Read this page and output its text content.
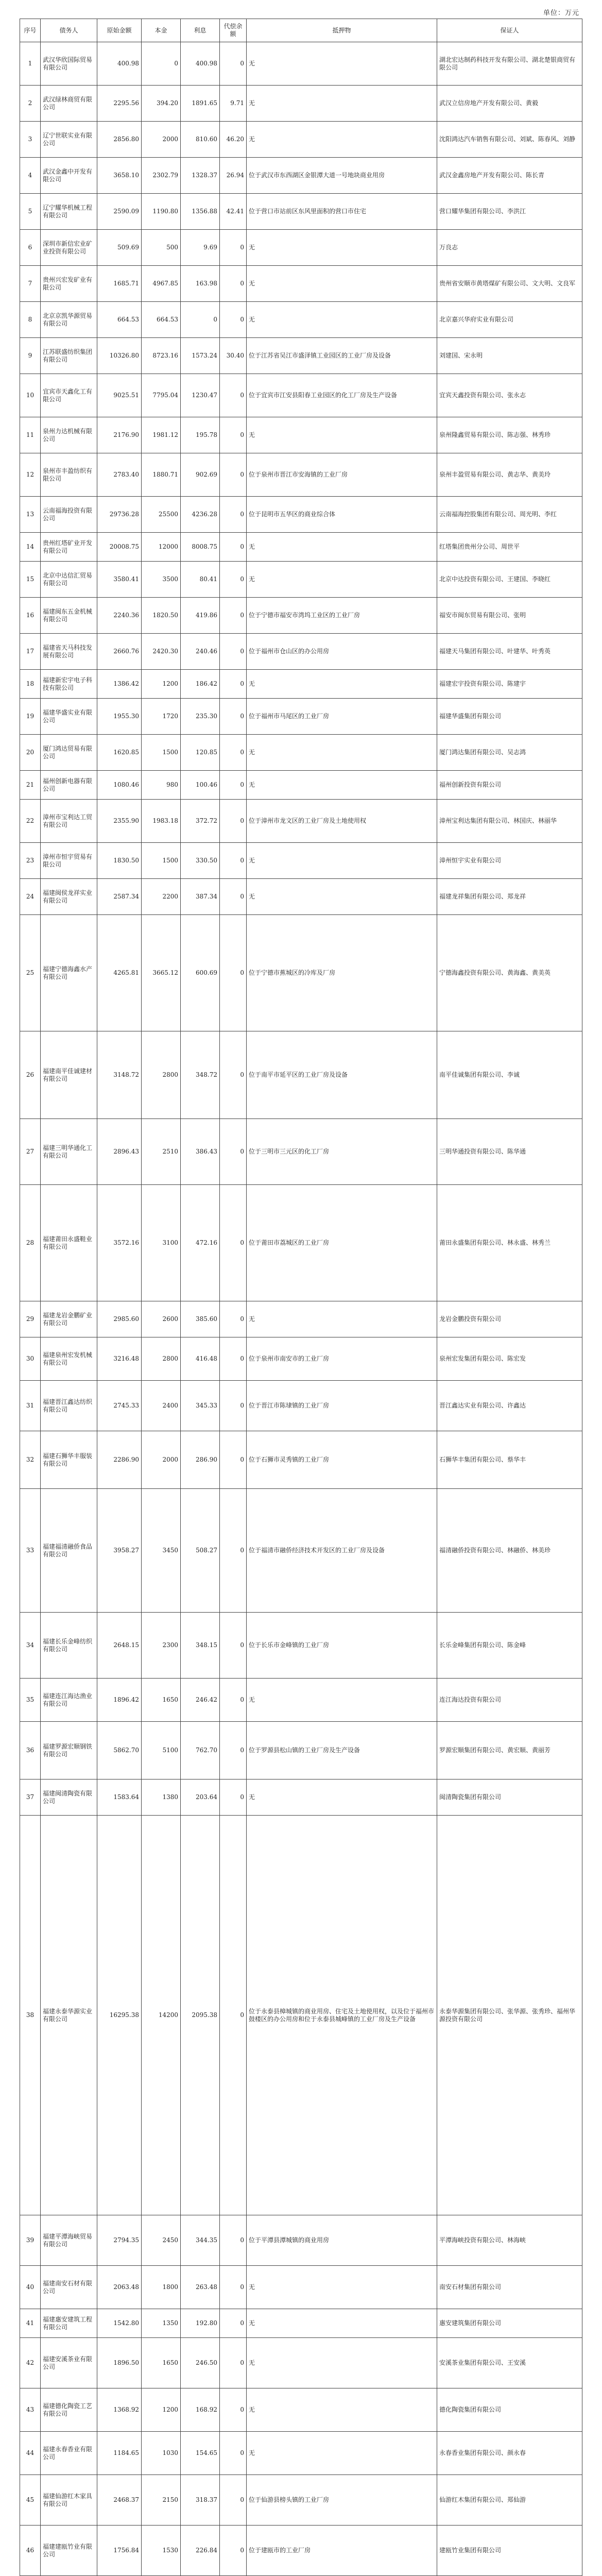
单位：万元
序号	债务人	原始金额	本金	利息	代偿余额	抵押物	保证人
1	武汉华欣国际贸易有限公司	400.98	0	400.98	0	无	湖北宏达制药科技开发有限公司、湖北楚银商贸有限公司
2	武汉绿林商贸有限公司	2295.56	394.20	1891.65	9.71	无	武汉立信房地产开发有限公司、黄毅
3	辽宁世联实业有限公司	2856.80	2000	810.60	46.20	无	沈阳鸿达汽车销售有限公司、刘斌、陈春风、刘静
4	武汉金鑫中开发有限公司	3658.10	2302.79	1328.37	26.94	位于武汉市东西湖区金银潭大道一号地块商业用房	武汉金鑫房地产开发有限公司、陈长青
5	辽宁耀华机械工程有限公司	2590.09	1190.80	1356.88	42.41	位于营口市站前区东风里面积的营口市住宅	营口耀华集团有限公司、李洪江
6	深圳市新信宏业矿业投资有限公司	509.69	500	9.69	0	无	万良志
7	贵州兴宏发矿业有限公司	1685.71	4967.85	163.98	0	无	贵州省安顺市黄塔煤矿有限公司、文大明、文良军
8	北京京凯华源贸易有限公司	664.53	664.53	0	0	无	北京嘉兴华府实业有限公司
9	江苏联盛纺织集团有限公司	10326.80	8723.16	1573.24	30.40	位于江苏省吴江市盛泽镇工业园区的工业厂房及设备	刘建国、宋永明
10	宜宾市天鑫化工有限公司	9025.51	7795.04	1230.47	0	位于宜宾市江安县阳春工业园区的化工厂房及生产设备	宜宾天鑫投资有限公司、张永志
11	泉州力达机械有限公司	2176.90	1981.12	195.78	0	无	泉州隆鑫贸易有限公司、陈志强、林秀珍
12	泉州市丰盈纺织有限公司	2783.40	1880.71	902.69	0	位于泉州市晋江市安海镇的工业厂房	泉州丰盈贸易有限公司、黄志华、黄美玲
13	云南福海投资有限公司	29736.28	25500	4236.28	0	位于昆明市五华区的商业综合体	云南福海控股集团有限公司、周光明、李红
14	贵州红塔矿业开发有限公司	20008.75	12000	8008.75	0	无	红塔集团贵州分公司、周世平
15	北京中达信汇贸易有限公司	3580.41	3500	80.41	0	无	北京中达投资有限公司、王建国、李晓红
16	福建闽东五金机械有限公司	2240.36	1820.50	419.86	0	位于宁德市福安市湾坞工业区的工业厂房	福安市闽东贸易有限公司、张明
17	福建省天马科技发展有限公司	2660.76	2420.30	240.46	0	位于福州市仓山区的办公用房	福建天马集团有限公司、叶建华、叶秀英
18	福建新宏宇电子科技有限公司	1386.42	1200	186.42	0	无	福建宏宇投资有限公司、陈建宇
19	福建华盛实业有限公司	1955.30	1720	235.30	0	位于福州市马尾区的工业厂房	福建华盛集团有限公司
20	厦门鸿达贸易有限公司	1620.85	1500	120.85	0	无	厦门鸿达集团有限公司、吴志鸿
21	福州创新电器有限公司	1080.46	980	100.46	0	无	福州创新投资有限公司
22	漳州市宝利达工贸有限公司	2355.90	1983.18	372.72	0	位于漳州市龙文区的工业厂房及土地使用权	漳州宝利达集团有限公司、林国庆、林丽华
23	漳州市恒宇贸易有限公司	1830.50	1500	330.50	0	无	漳州恒宇实业有限公司
24	福建闽侯龙祥实业有限公司	2587.34	2200	387.34	0	无	福建龙祥集团有限公司、郑龙祥
25	福建宁德海鑫水产有限公司	4265.81	3665.12	600.69	0	位于宁德市蕉城区的冷库及厂房	宁德海鑫投资有限公司、黄海鑫、黄美英
26	福建南平佳诚建材有限公司	3148.72	2800	348.72	0	位于南平市延平区的工业厂房及设备	南平佳诚集团有限公司、李诚
27	福建三明华通化工有限公司	2896.43	2510	386.43	0	位于三明市三元区的化工厂房	三明华通投资有限公司、陈华通
28	福建莆田永盛鞋业有限公司	3572.16	3100	472.16	0	位于莆田市荔城区的工业厂房	莆田永盛集团有限公司、林永盛、林秀兰
29	福建龙岩金鹏矿业有限公司	2985.60	2600	385.60	0	无	龙岩金鹏投资有限公司
30	福建泉州宏发机械有限公司	3216.48	2800	416.48	0	位于泉州市南安市的工业厂房	泉州宏发集团有限公司、陈宏发
31	福建晋江鑫达纺织有限公司	2745.33	2400	345.33	0	位于晋江市陈埭镇的工业厂房	晋江鑫达实业有限公司、许鑫达
32	福建石狮华丰服装有限公司	2286.90	2000	286.90	0	位于石狮市灵秀镇的工业厂房	石狮华丰集团有限公司、蔡华丰
33	福建福清融侨食品有限公司	3958.27	3450	508.27	0	位于福清市融侨经济技术开发区的工业厂房及设备	福清融侨投资有限公司、林融侨、林美珍
34	福建长乐金峰纺织有限公司	2648.15	2300	348.15	0	位于长乐市金峰镇的工业厂房	长乐金峰集团有限公司、陈金峰
35	福建连江海达渔业有限公司	1896.42	1650	246.42	0	无	连江海达投资有限公司
36	福建罗源宏顺钢铁有限公司	5862.70	5100	762.70	0	位于罗源县松山镇的工业厂房及生产设备	罗源宏顺集团有限公司、黄宏顺、黄丽芳
37	福建闽清陶瓷有限公司	1583.64	1380	203.64	0	无	闽清陶瓷集团有限公司
38	福建永泰华源实业有限公司	16295.38	14200	2095.38	0	位于永泰县樟城镇的商业用房、住宅及土地使用权，以及位于福州市鼓楼区的办公用房和位于永泰县城峰镇的工业厂房及生产设备	永泰华源集团有限公司、张华源、张秀珍、福州华源投资有限公司
39	福建平潭海峡贸易有限公司	2794.35	2450	344.35	0	位于平潭县潭城镇的商业用房	平潭海峡投资有限公司、林海峡
40	福建南安石材有限公司	2063.48	1800	263.48	0	无	南安石材集团有限公司
41	福建惠安建筑工程有限公司	1542.80	1350	192.80	0	无	惠安建筑集团有限公司
42	福建安溪茶业有限公司	1896.50	1650	246.50	0	无	安溪茶业集团有限公司、王安溪
43	福建德化陶瓷工艺有限公司	1368.92	1200	168.92	0	无	德化陶瓷集团有限公司
44	福建永春香业有限公司	1184.65	1030	154.65	0	无	永春香业集团有限公司、颜永春
45	福建仙游红木家具有限公司	2468.37	2150	318.37	0	位于仙游县榜头镇的工业厂房	仙游红木集团有限公司、郑仙游
46	福建建瓯竹业有限公司	1756.84	1530	226.84	0	位于建瓯市的工业厂房	建瓯竹业集团有限公司
